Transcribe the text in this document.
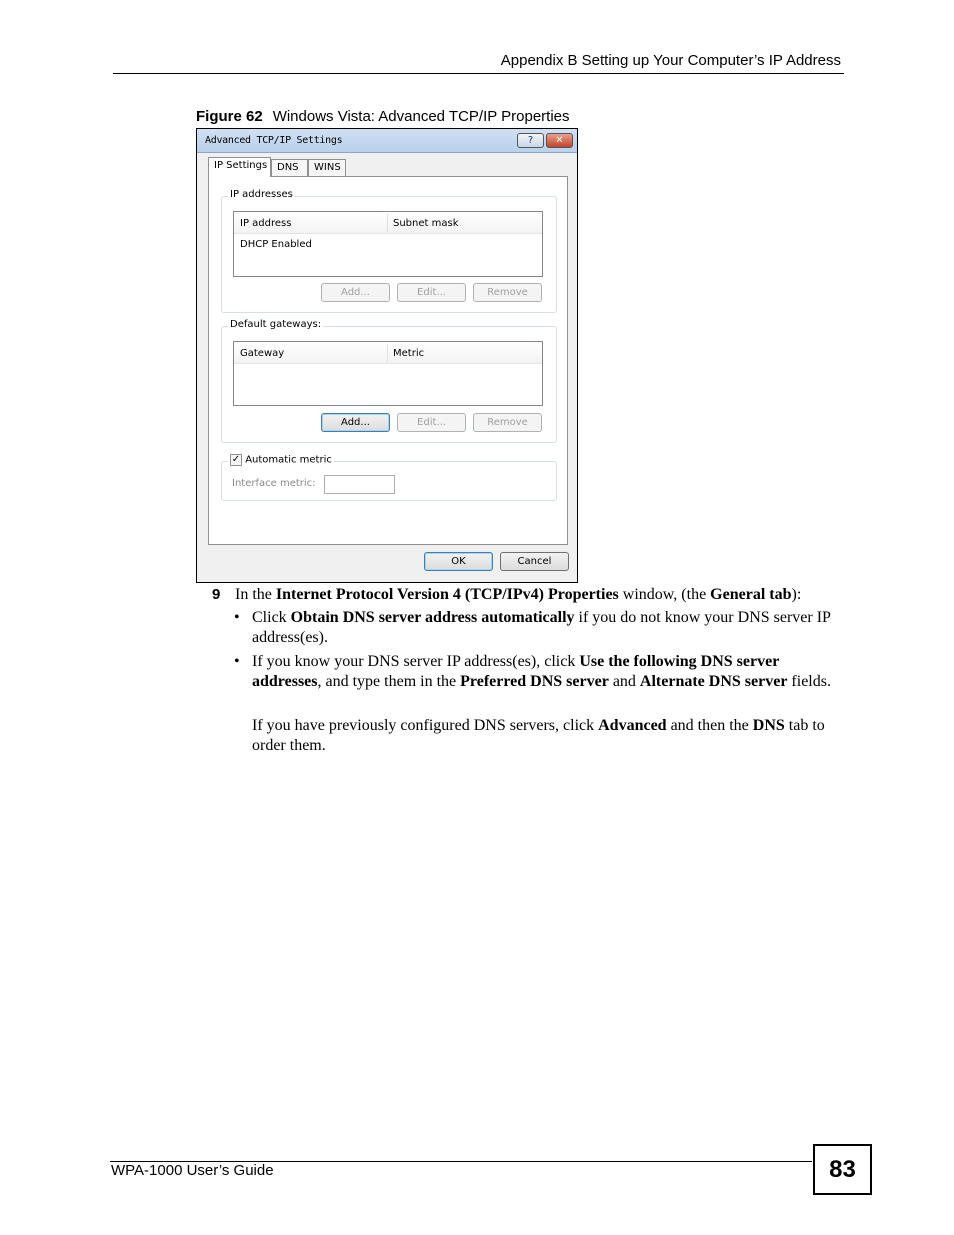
Appendix B Setting up Your Computer’s IP Address
Figure 62 Windows Vista: Advanced TCP/IP Properties
Advanced TCP/IP Settings	?	✕
IP Settings DNS	WINS
IP addresses
IP address	Subnet mask
DHCP Enabled
Add...	Edit...	Remove
Default gateways:
Gateway	Metric
Add...	Edit...	Remove
✓ Automatic metric
Interface metric:
OK	Cancel
9 In the Internet Protocol Version 4 (TCP/IPv4) Properties window, (the General tab):
• Click Obtain DNS server address automatically if you do not know your DNS server IP address(es).
• If you know your DNS server IP address(es), click Use the following DNS server addresses, and type them in the Preferred DNS server and Alternate DNS server fields.
If you have previously configured DNS servers, click Advanced and then the DNS tab to order them.
WPA-1000 User’s Guide	83
